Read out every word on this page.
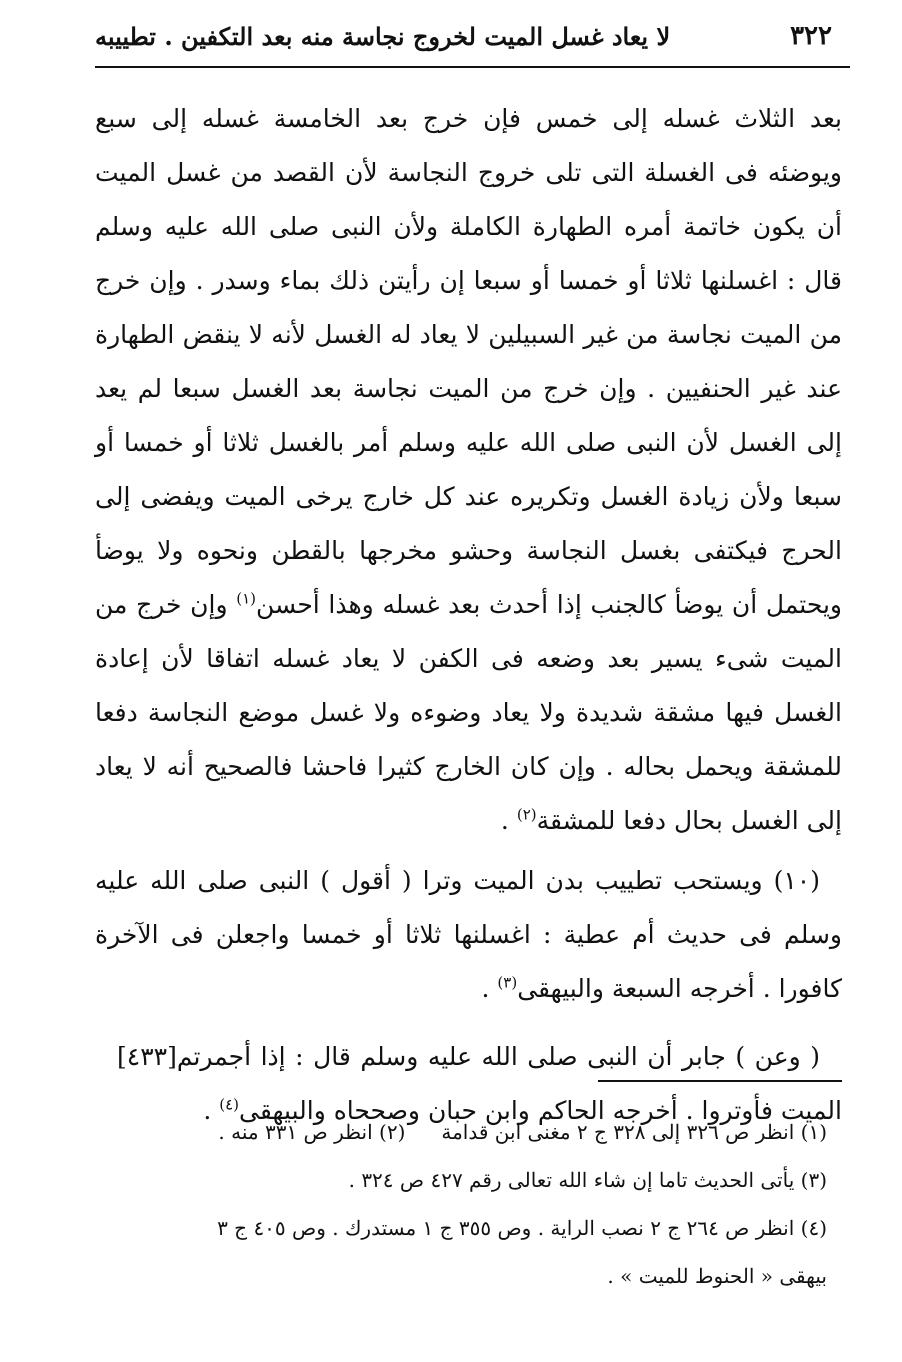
٣٢٢
لا يعاد غسل الميت لخروج نجاسة منه بعد التكفين . تطييبه

بعد الثلاث غسله إلى خمس فإن خرج بعد الخامسة غسله إلى سبع ويوضئه فى الغسلة التى تلى خروج النجاسة لأن القصد من غسل الميت أن يكون خاتمة أمره الطهارة الكاملة ولأن النبى صلى الله عليه وسلم قال : اغسلنها ثلاثا أو خمسا أو سبعا إن رأيتن ذلك بماء وسدر . وإن خرج من الميت نجاسة من غير السبيلين لا يعاد له الغسل لأنه لا ينقض الطهارة عند غير الحنفيين . وإن خرج من الميت نجاسة بعد الغسل سبعا لم يعد إلى الغسل لأن النبى صلى الله عليه وسلم أمر بالغسل ثلاثا أو خمسا أو سبعا ولأن زيادة الغسل وتكريره عند كل خارج يرخى الميت ويفضى إلى الحرج فيكتفى بغسل النجاسة وحشو مخرجها بالقطن ونحوه ولا يوضأ ويحتمل أن يوضأ كالجنب إذا أحدث بعد غسله وهذا أحسن$^{(١)}$ وإن خرج من الميت شىء يسير بعد وضعه فى الكفن لا يعاد غسله اتفاقا لأن إعادة الغسل فيها مشقة شديدة ولا يعاد وضوءه ولا غسل موضع النجاسة دفعا للمشقة ويحمل بحاله . وإن كان الخارج كثيرا فاحشا فالصحيح أنه لا يعاد إلى الغسل بحال دفعا للمشقة$^{(٢)}$ .

(١٠) ويستحب تطييب بدن الميت وترا ( أقول ) النبى صلى الله عليه وسلم فى حديث أم عطية : اغسلنها ثلاثا أو خمسا واجعلن فى الآخرة كافورا . أخرجه السبعة والبيهقى$^{(٣)}$ .

[٤٣٣] ( وعن ) جابر أن النبى صلى الله عليه وسلم قال : إذا أجمرتم الميت فأوتروا . أخرجه الحاكم وابن حبان وصححاه والبيهقى$^{(٤)}$ .

(١) انظر ص ٣٢٦ إلى ٣٢٨ ج ٢ مغنى ابن قدامة(٢) انظر ص ٣٣١ منه .

(٣) يأتى الحديث تاما إن شاء الله تعالى رقم ٤٢٧ ص ٣٢٤ .

(٤) انظر ص ٢٦٤ ج ٢ نصب الراية . وص ٣٥٥ ج ١ مستدرك . وص ٤٠٥ ج ٣

بيهقى « الحنوط للميت » .
